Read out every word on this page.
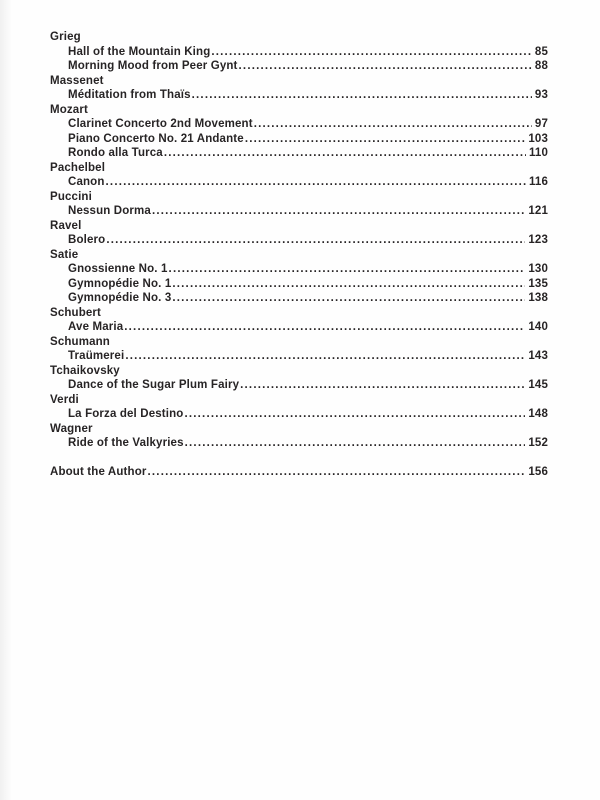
Grieg
Hall of the Mountain King .....	85
Morning Mood from Peer Gynt .....	88
Massenet
Méditation from Thaïs .....	93
Mozart
Clarinet Concerto 2nd Movement .....	97
Piano Concerto No. 21 Andante .....	103
Rondo alla Turca .....	110
Pachelbel
Canon .....	116
Puccini
Nessun Dorma .....	121
Ravel
Bolero .....	123
Satie
Gnossienne No. 1 .....	130
Gymnopédie No. 1 .....	135
Gymnopédie No. 3 .....	138
Schubert
Ave Maria .....	140
Schumann
Traümerei .....	143
Tchaikovsky
Dance of the Sugar Plum Fairy .....	145
Verdi
La Forza del Destino .....	148
Wagner
Ride of the Valkyries .....	152
About the Author .....	156
